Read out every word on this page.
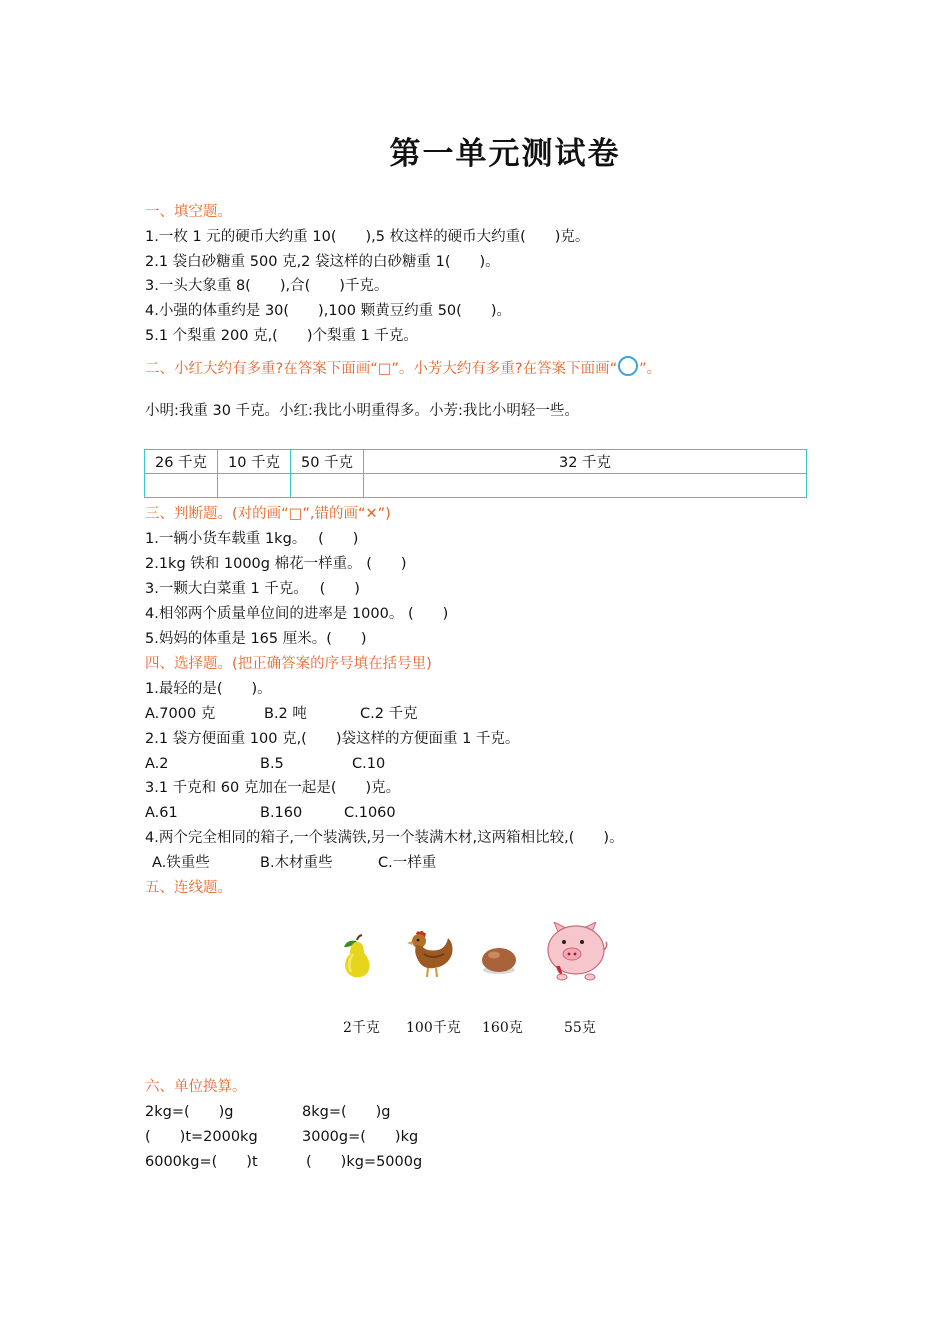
第一单元测试卷
一、填空题。
1.一枚 1 元的硬币大约重 10(　　),5 枚这样的硬币大约重(　　)克。
2.1 袋白砂糖重 500 克,2 袋这样的白砂糖重 1(　　)。
3.一头大象重 8(　　),合(　　)千克。
4.小强的体重约是 30(　　),100 颗黄豆约重 50(　　)。
5.1 个梨重 200 克,(　　)个梨重 1 千克。
二、小红大约有多重?在答案下面画“□”。小芳大约有多重?在答案下面画“ ”。
小明:我重 30 千克。小红:我比小明重得多。小芳:我比小明轻一些。
26 千克	10 千克	50 千克	32 千克

三、判断题。(对的画“□”,错的画“✕”)
1.一辆小货车载重 1kg。　 (　　)
2.1kg 铁和 1000g 棉花一样重。 (　　)
3.一颗大白菜重 1 千克。　 (　　)
4.相邻两个质量单位间的进率是 1000。 (　　)
5.妈妈的体重是 165 厘米。(　　)
四、选择题。(把正确答案的序号填在括号里)
1.最轻的是(　　)。
A.7000 克	B.2 吨	C.2 千克
2.1 袋方便面重 100 克,(　　)袋这样的方便面重 1 千克。
A.2	B.5	C.10
3.1 千克和 60 克加在一起是(　　)克。
A.61	B.160	C.1060
4.两个完全相同的箱子,一个装满铁,另一个装满木材,这两箱相比较,(　　)。
A.铁重些	B.木材重些	C.一样重
五、连线题。
2千克 100千克 160克	55克
六、单位换算。
2kg=(　　)g	8kg=(　　)g
(　　)t=2000kg	3000g=(　　)kg
6000kg=(　　)t	(　　)kg=5000g
